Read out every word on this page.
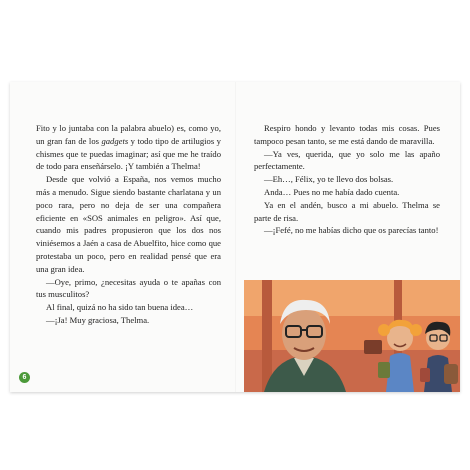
Fito y lo juntaba con la palabra abuelo) es, como yo, un gran fan de los gadgets y todo tipo de artilugios y chismes que te puedas imaginar; así que me he traído de todo para enseñárselo. ¡Y también a Thelma!

Desde que volvió a España, nos vemos mucho más a menudo. Sigue siendo bastante charlatana y un poco rara, pero no deja de ser una compañera eficiente en «SOS animales en peligro». Así que, cuando mis padres propusieron que los dos nos viniésemos a Jaén a casa de Abuelfito, hice como que protestaba un poco, pero en realidad pensé que era una gran idea.

—Oye, primo, ¿necesitas ayuda o te apañas con tus musculitos?

Al final, quizá no ha sido tan buena idea…

—¡Ja! Muy graciosa, Thelma.

6

Respiro hondo y levanto todas mis cosas. Pues tampoco pesan tanto, se me está dando de maravilla.

—Ya ves, querida, que yo solo me las apaño perfectamente.

—Eh…, Félix, yo te llevo dos bolsas.

Anda… Pues no me había dado cuenta.

Ya en el andén, busco a mi abuelo. Thelma se parte de risa.

—¡Fefé, no me habías dicho que os parecías tanto!
